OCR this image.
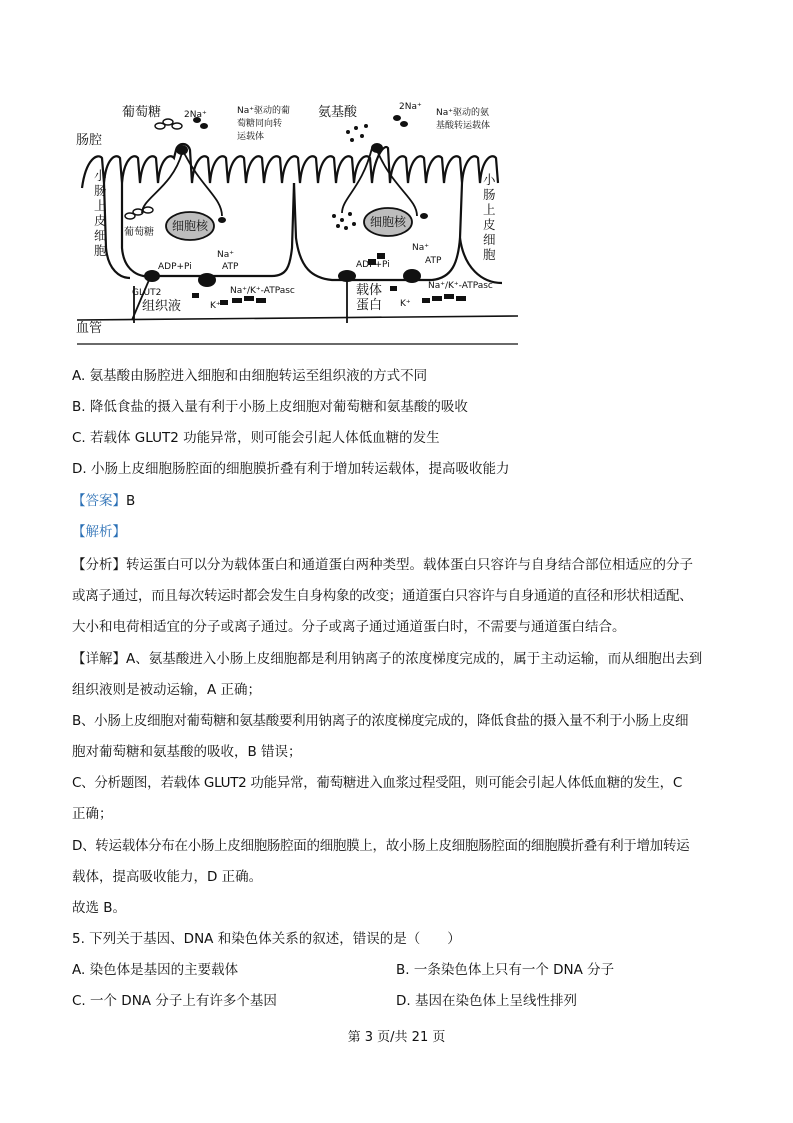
葡萄糖	2Na⁺	Na⁺驱动的葡
萄糖同向转
运载体
氨基酸	2Na⁺
Na⁺驱动的氨
基酸转运载体
肠腔
小肠上皮细胞
小肠上皮细胞
细胞核	细胞核
葡萄糖
Na⁺
ATP
ADP+Pi
GLUT2	Na⁺/K⁺-ATPasc
K⁺
组织液
血管
Na⁺
ATP
ADP+Pi
载体
蛋白
Na⁺/K⁺-ATPasc
K⁺
A. 氨基酸由肠腔进入细胞和由细胞转运至组织液的方式不同
B. 降低食盐的摄入量有利于小肠上皮细胞对葡萄糖和氨基酸的吸收
C. 若载体 GLUT2 功能异常，则可能会引起人体低血糖的发生
D. 小肠上皮细胞肠腔面的细胞膜折叠有利于增加转运载体，提高吸收能力
【答案】B
【解析】
【分析】转运蛋白可以分为载体蛋白和通道蛋白两种类型。载体蛋白只容许与自身结合部位相适应的分子
或离子通过，而且每次转运时都会发生自身构象的改变；通道蛋白只容许与自身通道的直径和形状相适配、
大小和电荷相适宜的分子或离子通过。分子或离子通过通道蛋白时，不需要与通道蛋白结合。
【详解】A、氨基酸进入小肠上皮细胞都是利用钠离子的浓度梯度完成的，属于主动运输，而从细胞出去到
组织液则是被动运输，A 正确；
B、小肠上皮细胞对葡萄糖和氨基酸要利用钠离子的浓度梯度完成的，降低食盐的摄入量不利于小肠上皮细
胞对葡萄糖和氨基酸的吸收，B 错误；
C、分析题图，若载体 GLUT2 功能异常，葡萄糖进入血浆过程受阻，则可能会引起人体低血糖的发生，C
正确；
D、转运载体分布在小肠上皮细胞肠腔面的细胞膜上，故小肠上皮细胞肠腔面的细胞膜折叠有利于增加转运
载体，提高吸收能力，D 正确。
故选 B。
5. 下列关于基因、DNA 和染色体关系的叙述，错误的是（　　）
A. 染色体是基因的主要载体	B. 一条染色体上只有一个 DNA 分子
C. 一个 DNA 分子上有许多个基因	D. 基因在染色体上呈线性排列
第 3 页/共 21 页
